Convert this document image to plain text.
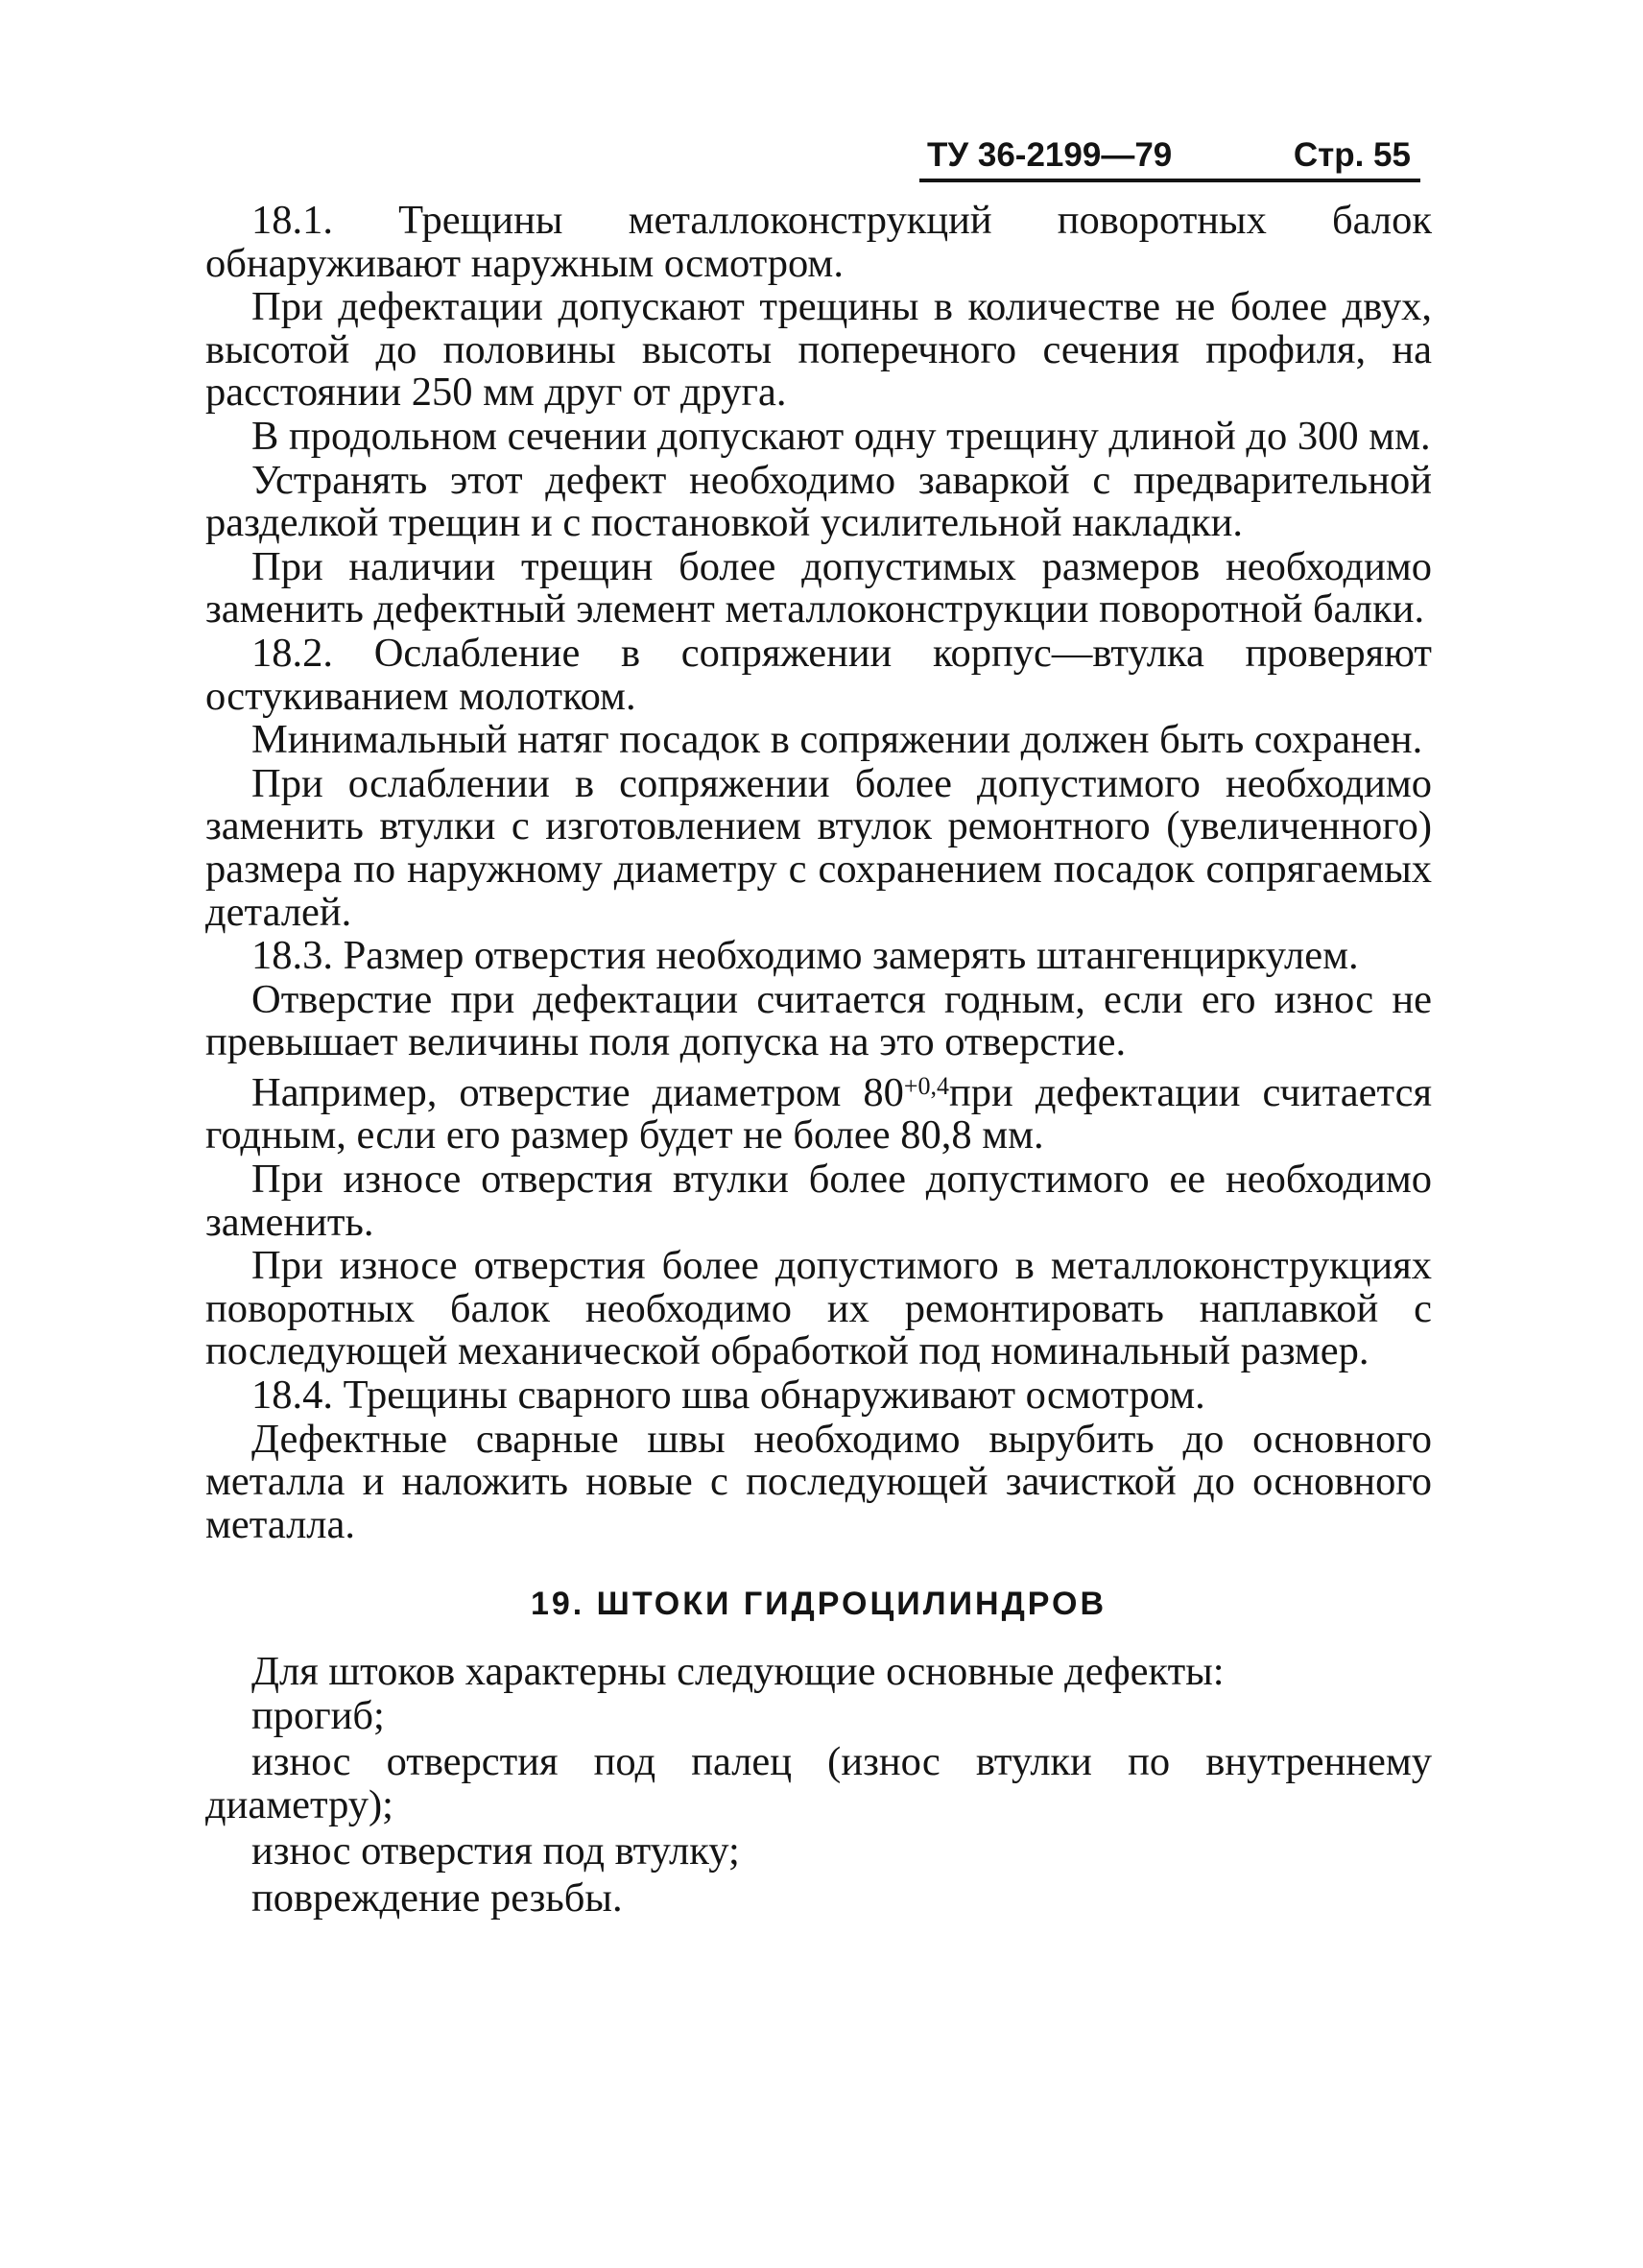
ТУ 36-2199—79	Стр. 55

18.1. Трещины металлоконструкций поворотных балок обнаруживают наружным осмотром.

При дефектации допускают трещины в количестве не более двух, высотой до половины высоты поперечного сечения профиля, на расстоянии 250 мм друг от друга.

В продольном сечении допускают одну трещину длиной до 300 мм.

Устранять этот дефект необходимо заваркой с предварительной разделкой трещин и с постановкой усилительной накладки.

При наличии трещин более допустимых размеров необходимо заменить дефектный элемент металлоконструкции поворотной балки.

18.2. Ослабление в сопряжении корпус—втулка проверяют остукиванием молотком.

Минимальный натяг посадок в сопряжении должен быть сохранен.

При ослаблении в сопряжении более допустимого необходимо заменить втулки с изготовлением втулок ремонтного (увеличенного) размера по наружному диаметру с сохранением посадок сопрягаемых деталей.

18.3. Размер отверстия необходимо замерять штангенциркулем.

Отверстие при дефектации считается годным, если его износ не превышает величины поля допуска на это отверстие.

Например, отверстие диаметром $80^{+0,4}при$ дефектации считается годным, если его размер будет не более 80,8 мм.

При износе отверстия втулки более допустимого ее необходимо заменить.

При износе отверстия более допустимого в металлоконструкциях поворотных балок необходимо их ремонтировать наплавкой с последующей механической обработкой под номинальный размер.

18.4. Трещины сварного шва обнаруживают осмотром.

Дефектные сварные швы необходимо вырубить до основного металла и наложить новые с последующей зачисткой до основного металла.

19. ШТОКИ ГИДРОЦИЛИНДРОВ

Для штоков характерны следующие основные дефекты:

прогиб;

износ отверстия под палец (износ втулки по внутреннему диаметру);

износ отверстия под втулку;

повреждение резьбы.
